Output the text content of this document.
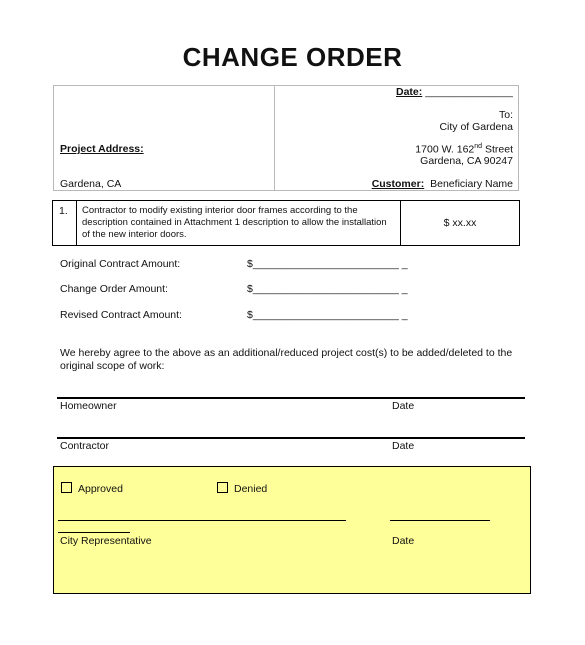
CHANGE ORDER
Date: _______________
To:
City of Gardena
Project Address:	1700 W. 162nd Street
Gardena, CA 90247
Gardena, CA	Customer: Beneficiary Name
1. Contractor to modify existing interior door frames according to the description contained in Attachment 1 description to allow the installation of the new interior doors.
$ xx.xx
Original Contract Amount:	$_________________________ _
Change Order Amount:	$_________________________ _
Revised Contract Amount:	$_________________________ _
We hereby agree to the above as an additional/reduced project cost(s) to be added/deleted to the original scope of work:
Homeowner	Date
Contractor	Date
Approved	Denied
City Representative	Date
